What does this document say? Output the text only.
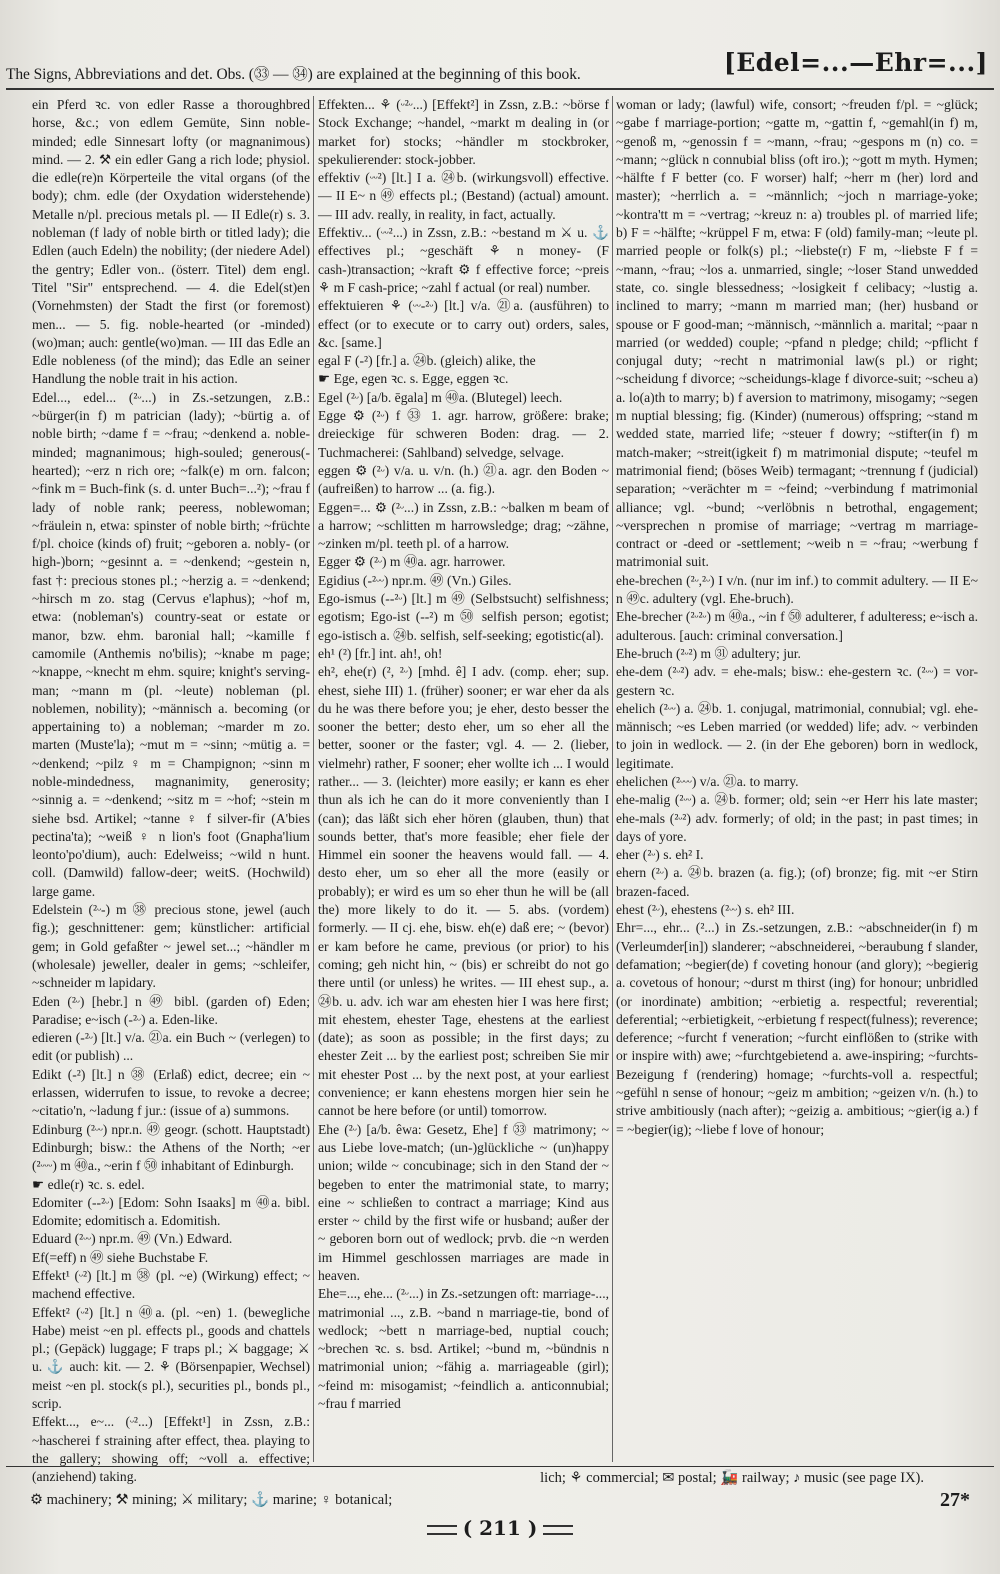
The Signs, Abbreviations and det. Obs. (㉝ — ㉞) are explained at the beginning of this book.	[Edel=...—Ehr=...]

ein Pferd ꝛc. von edler Rasse a thoroughbred horse, &c.; von edlem Gemüte, Sinn noble-minded; edle Sinnesart lofty (or magnanimous) mind. — 2. ⚒ ein edler Gang a rich lode; physiol. die edle(re)n Körperteile the vital organs (of the body); chm. edle (der Oxydation widerstehende) Metalle n/pl. precious metals pl. — II Edle(r) s. 3. nobleman (f lady of noble birth or titled lady); die Edlen (auch Edeln) the nobility; (der niedere Adel) the gentry; Edler von.. (österr. Titel) dem engl. Titel "Sir" entsprechend. — 4. die Edel(st)en (Vornehmsten) der Stadt the first (or foremost) men... — 5. fig. noble-hearted (or -minded) (wo)man; auch: gentle(wo)man. — III das Edle an Edle nobleness (of the mind); das Edle an seiner Handlung the noble trait in his action.

Edel..., edel... (²ᵕ...) in Zs.-setzungen, z.B.: ~bürger(in f) m patrician (lady); ~bürtig a. of noble birth; ~dame f = ~frau; ~denkend a. noble-minded; magnanimous; high-souled; generous(-hearted); ~erz n rich ore; ~falk(e) m orn. falcon; ~fink m = Buch-fink (s. d. unter Buch=...²); ~frau f lady of noble rank; peeress, noblewoman; ~fräulein n, etwa: spinster of noble birth; ~früchte f/pl. choice (kinds of) fruit; ~geboren a. nobly- (or high-)born; ~gesinnt a. = ~denkend; ~gestein n, fast †: precious stones pl.; ~herzig a. = ~denkend; ~hirsch m zo. stag (Cervus e'laphus); ~hof m, etwa: (nobleman's) country-seat or estate or manor, bzw. ehm. baronial hall; ~kamille f camomile (Anthemis no'bilis); ~knabe m page; ~knappe, ~knecht m ehm. squire; knight's serving-man; ~mann m (pl. ~leute) nobleman (pl. noblemen, nobility); ~männisch a. becoming (or appertaining to) a nobleman; ~marder m zo. marten (Muste'la); ~mut m = ~sinn; ~mütig a. = ~denkend; ~pilz ♀ m = Champignon; ~sinn m noble-mindedness, magnanimity, generosity; ~sinnig a. = ~denkend; ~sitz m = ~hof; ~stein m siehe bsd. Artikel; ~tanne ♀ f silver-fir (A'bies pectina'ta); ~weiß ♀ n lion's foot (Gnapha'lium leonto'po'dium), auch: Edelweiss; ~wild n hunt. coll. (Damwild) fallow-deer; weitS. (Hochwild) large game.

Edelstein (²ᵕ-) m ㊳ precious stone, jewel (auch fig.); geschnittener: gem; künstlicher: artificial gem; in Gold gefaßter ~ jewel set...; ~händler m (wholesale) jeweller, dealer in gems; ~schleifer, ~schneider m lapidary.

Eden (²ᵕ) [hebr.] n ㊾ bibl. (garden of) Eden; Paradise; e~isch (-²ᵕ) a. Eden-like.

edieren (-²ᵕ) [lt.] v/a. ㉑a. ein Buch ~ (verlegen) to edit (or publish) ...

Edikt (-²) [lt.] n ㊳ (Erlaß) edict, decree; ein ~ erlassen, widerrufen to issue, to revoke a decree; ~citatio'n, ~ladung f jur.: (issue of a) summons.

Edinburg (²ᵕᵕ) npr.n. ㊾ geogr. (schott. Hauptstadt) Edinburgh; bisw.: the Athens of the North; ~er (²ᵕᵕᵕ) m ㊵a., ~erin f ㊿ inhabitant of Edinburgh.

☛ edle(r) ꝛc. s. edel.

Edomiter (--²ᵕ) [Edom: Sohn Isaaks] m ㊵a. bibl. Edomite; edomitisch a. Edomitish.

Eduard (²ᵕᵕ) npr.m. ㊾ (Vn.) Edward.

Ef(=eff) n ㊾ siehe Buchstabe F.

Effekt¹ (ᵕ²) [lt.] m ㊳ (pl. ~e) (Wirkung) effect; ~ machend effective.

Effekt² (ᵕ²) [lt.] n ㊵a. (pl. ~en) 1. (bewegliche Habe) meist ~en pl. effects pl., goods and chattels pl.; (Gepäck) luggage; F traps pl.; ⚔ baggage; ⚔ u. ⚓ auch: kit. — 2. ⚘ (Börsenpapier, Wechsel) meist ~en pl. stock(s pl.), securities pl., bonds pl., scrip.

Effekt..., e~... (ᵕ²...) [Effekt¹] in Zssn, z.B.: ~hascherei f straining after effect, thea. playing to the gallery; showing off; ~voll a. effective; (anziehend) taking.

Effekten... ⚘ (ᵕ²ᵕ...) [Effekt²] in Zssn, z.B.: ~börse f Stock Exchange; ~handel, ~markt m dealing in (or market for) stocks; ~händler m stockbroker, spekulierender: stock-jobber.

effektiv (ᵕᵕ²) [lt.] I a. ㉔b. (wirkungsvoll) effective. — II E~ n ㊾ effects pl.; (Bestand) (actual) amount. — III adv. really, in reality, in fact, actually.

Effektiv... (ᵕᵕ²...) in Zssn, z.B.: ~bestand m ⚔ u. ⚓ effectives pl.; ~geschäft ⚘ n money- (F cash-)transaction; ~kraft ⚙ f effective force; ~preis ⚘ m F cash-price; ~zahl f actual (or real) number.

effektuieren ⚘ (ᵕᵕ-²ᵕ) [lt.] v/a. ㉑a. (ausführen) to effect (or to execute or to carry out) orders, sales, &c. [same.]

egal F (-²) [fr.] a. ㉔b. (gleich) alike, the

☛ Ege, egen ꝛc. s. Egge, eggen ꝛc.

Egel (²ᵕ) [a/b. ēgala] m ㊵a. (Blutegel) leech.

Egge ⚙ (²ᵕ) f ㉝ 1. agr. harrow, größere: brake; dreieckige für schweren Boden: drag. — 2. Tuchmacherei: (Sahlband) selvedge, selvage.

eggen ⚙ (²ᵕ) v/a. u. v/n. (h.) ㉑a. agr. den Boden ~ (aufreißen) to harrow ... (a. fig.).

Eggen=... ⚙ (²ᵕ...) in Zssn, z.B.: ~balken m beam of a harrow; ~schlitten m harrowsledge; drag; ~zähne, ~zinken m/pl. teeth pl. of a harrow.

Egger ⚙ (²ᵕ) m ㊵a. agr. harrower.

Egidius (-²ᵕᵕ) npr.m. ㊾ (Vn.) Giles.

Ego-ismus (--²ᵕ) [lt.] m ㊾ (Selbstsucht) selfishness; egotism; Ego-ist (--²) m ㊿ selfish person; egotist; ego-istisch a. ㉔b. selfish, self-seeking; egotistic(al).

eh¹ (²) [fr.] int. ah!, oh!

eh², ehe(r) (², ²ᵕ) [mhd. ê] I adv. (comp. eher; sup. ehest, siehe III) 1. (früher) sooner; er war eher da als du he was there before you; je eher, desto besser the sooner the better; desto eher, um so eher all the better, sooner or the faster; vgl. 4. — 2. (lieber, vielmehr) rather, F sooner; eher wollte ich ... I would rather... — 3. (leichter) more easily; er kann es eher thun als ich he can do it more conveniently than I (can); das läßt sich eher hören (glauben, thun) that sounds better, that's more feasible; eher fiele der Himmel ein sooner the heavens would fall. — 4. desto eher, um so eher all the more (easily or probably); er wird es um so eher thun he will be (all the) more likely to do it. — 5. abs. (vordem) formerly. — II cj. ehe, bisw. eh(e) daß ere; ~ (bevor) er kam before he came, previous (or prior) to his coming; geh nicht hin, ~ (bis) er schreibt do not go there until (or unless) he writes. — III ehest sup., a. ㉔b. u. adv. ich war am ehesten hier I was here first; mit ehestem, ehester Tage, ehestens at the earliest (date); as soon as possible; in the first days; zu ehester Zeit ... by the earliest post; schreiben Sie mir mit ehester Post ... by the next post, at your earliest convenience; er kann ehestens morgen hier sein he cannot be here before (or until) tomorrow.

Ehe (²ᵕ) [a/b. êwa: Gesetz, Ehe] f ㉝ matrimony; ~ aus Liebe love-match; (un-)glückliche ~ (un)happy union; wilde ~ concubinage; sich in den Stand der ~ begeben to enter the matrimonial state, to marry; eine ~ schließen to contract a marriage; Kind aus erster ~ child by the first wife or husband; außer der ~ geboren born out of wedlock; prvb. die ~n werden im Himmel geschlossen marriages are made in heaven.

Ehe=..., ehe... (²ᵕ...) in Zs.-setzungen oft: marriage-..., matrimonial ..., z.B. ~band n marriage-tie, bond of wedlock; ~bett n marriage-bed, nuptial couch; ~brechen ꝛc. s. bsd. Artikel; ~bund m, ~bündnis n matrimonial union; ~fähig a. marriageable (girl); ~feind m: misogamist; ~feindlich a. anticonnubial; ~frau f married

woman or lady; (lawful) wife, consort; ~freuden f/pl. = ~glück; ~gabe f marriage-portion; ~gatte m, ~gattin f, ~gemahl(in f) m, ~genoß m, ~genossin f = ~mann, ~frau; ~gespons m (n) co. = ~mann; ~glück n connubial bliss (oft iro.); ~gott m myth. Hymen; ~hälfte f F better (co. F worser) half; ~herr m (her) lord and master); ~herrlich a. = ~männlich; ~joch n marriage-yoke; ~kontra'tt m = ~vertrag; ~kreuz n: a) troubles pl. of married life; b) F = ~hälfte; ~krüppel F m, etwa: F (old) family-man; ~leute pl. married people or folk(s) pl.; ~liebste(r) F m, ~liebste F f = ~mann, ~frau; ~los a. unmarried, single; ~loser Stand unwedded state, co. single blessedness; ~losigkeit f celibacy; ~lustig a. inclined to marry; ~mann m married man; (her) husband or spouse or F good-man; ~männisch, ~männlich a. marital; ~paar n married (or wedded) couple; ~pfand n pledge; child; ~pflicht f conjugal duty; ~recht n matrimonial law(s pl.) or right; ~scheidung f divorce; ~scheidungs-klage f divorce-suit; ~scheu a) a. lo(a)th to marry; b) f aversion to matrimony, misogamy; ~segen m nuptial blessing; fig. (Kinder) (numerous) offspring; ~stand m wedded state, married life; ~steuer f dowry; ~stifter(in f) m match-maker; ~streit(igkeit f) m matrimonial dispute; ~teufel m matrimonial fiend; (böses Weib) termagant; ~trennung f (judicial) separation; ~verächter m = ~feind; ~verbindung f matrimonial alliance; vgl. ~bund; ~verlöbnis n betrothal, engagement; ~versprechen n promise of marriage; ~vertrag m marriage-contract or -deed or -settlement; ~weib n = ~frau; ~werbung f matrimonial suit.

ehe-brechen (²ᵕ,²ᵕ) I v/n. (nur im inf.) to commit adultery. — II E~ n ㊾c. adultery (vgl. Ehe-bruch).

Ehe-brecher (²ᵕ²ᵕ) m ㊵a., ~in f ㊿ adulterer, f adulteress; e~isch a. adulterous. [auch: criminal conversation.]

Ehe-bruch (²ᵕ²) m ㉛ adultery; jur.

ehe-dem (²ᵕ²) adv. = ehe-mals; bisw.: ehe-gestern ꝛc. (²ᵕᵕ) = vor-gestern ꝛc.

ehelich (²ᵕᵕ) a. ㉔b. 1. conjugal, matrimonial, connubial; vgl. ehe-männisch; ~es Leben married (or wedded) life; adv. ~ verbinden to join in wedlock. — 2. (in der Ehe geboren) born in wedlock, legitimate.

ehelichen (²ᵕᵕᵕ) v/a. ㉑a. to marry.

ehe-malig (²ᵕᵕ) a. ㉔b. former; old; sein ~er Herr his late master; ehe-mals (²ᵕ²) adv. formerly; of old; in the past; in past times; in days of yore.

eher (²ᵕ) s. eh² I.

ehern (²ᵕ) a. ㉔b. brazen (a. fig.); (of) bronze; fig. mit ~er Stirn brazen-faced.

ehest (²ᵕ), ehestens (²ᵕᵕ) s. eh² III.

Ehr=..., ehr... (²...) in Zs.-setzungen, z.B.: ~abschneider(in f) m (Verleumder[in]) slanderer; ~abschneiderei, ~beraubung f slander, defamation; ~begier(de) f coveting honour (and glory); ~begierig a. covetous of honour; ~durst m thirst (ing) for honour; unbridled (or inordinate) ambition; ~erbietig a. respectful; reverential; deferential; ~erbietigkeit, ~erbietung f respect(fulness); reverence; deference; ~furcht f veneration; ~furcht einflößen to (strike with or inspire with) awe; ~furchtgebietend a. awe-inspiring; ~furchts-Bezeigung f (rendering) homage; ~furchts-voll a. respectful; ~gefühl n sense of honour; ~geiz m ambition; ~geizen v/n. (h.) to strive ambitiously (nach after); ~geizig a. ambitious; ~gier(ig a.) f = ~begier(ig); ~liebe f love of honour;

lich; ⚘ commercial; ✉ postal; 🚂 railway; ♪ music (see page IX).
⚙ machinery; ⚒ mining; ⚔ military; ⚓ marine; ♀ botanical;	27*
( 211 )
